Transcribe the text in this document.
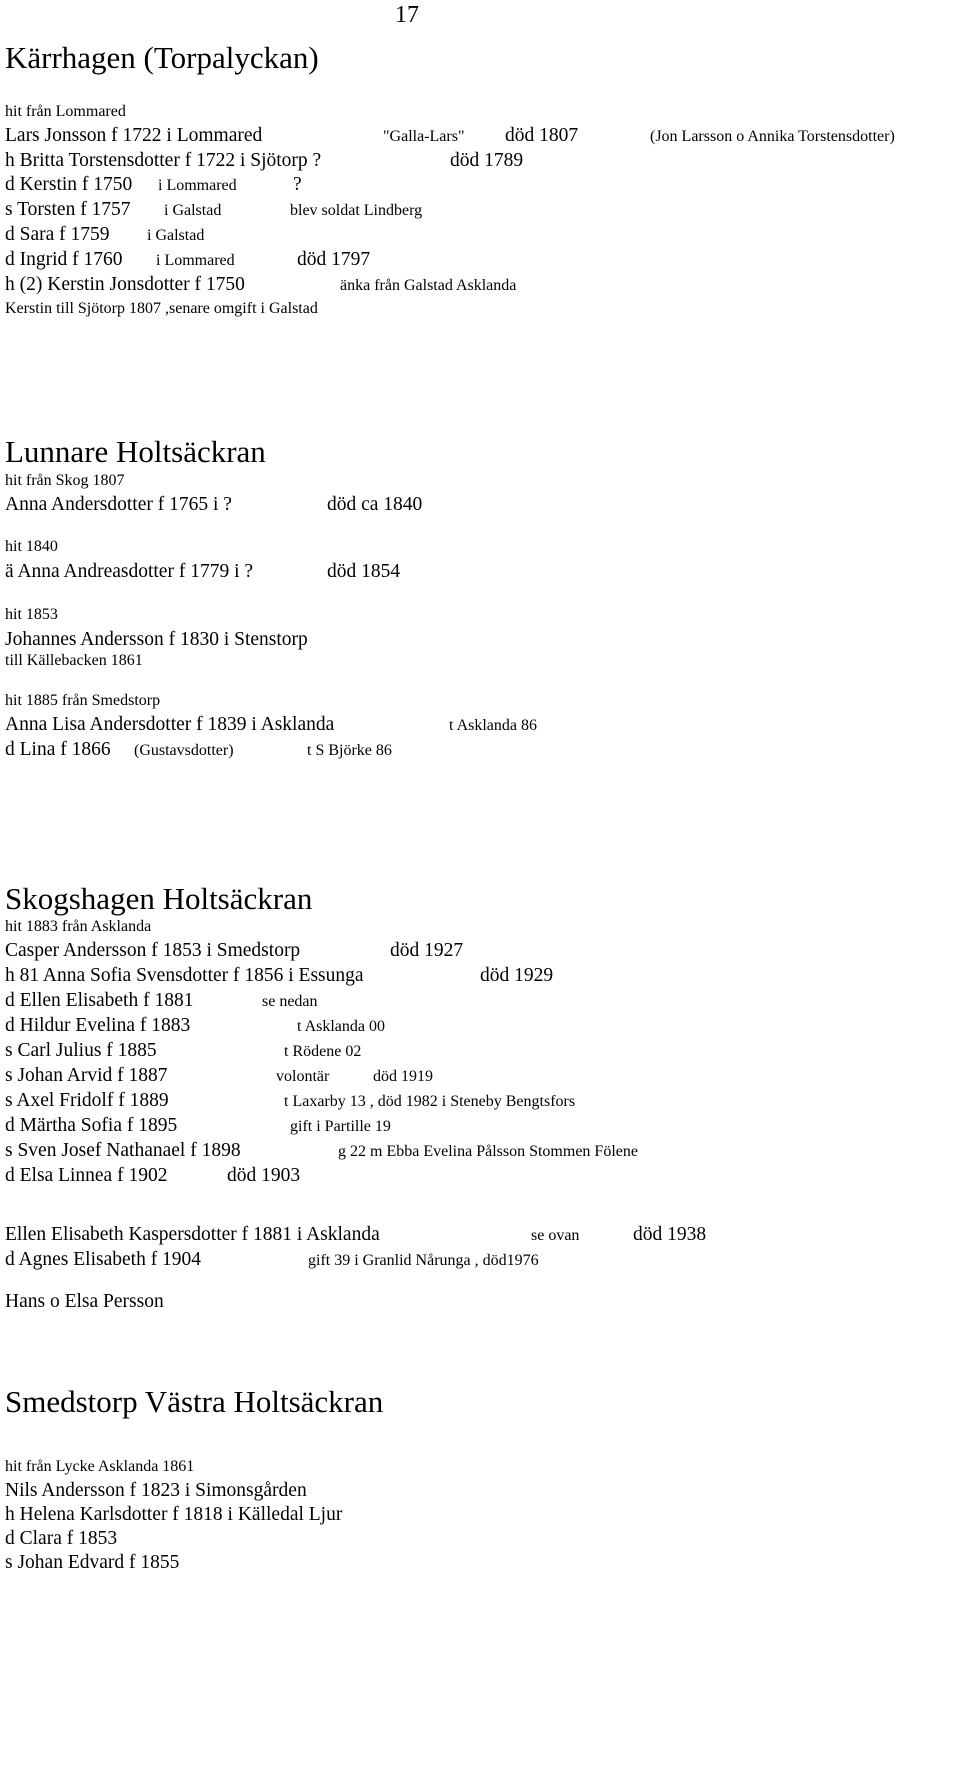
17
Kärrhagen (Torpalyckan)
hit från Lommared
Lars Jonsson f 1722 i Lommared	"Galla-Lars" död 1807	(Jon Larsson o Annika Torstensdotter)
h Britta Torstensdotter f 1722 i Sjötorp ?	död 1789
d Kerstin f 1750 i Lommared	?
s Torsten f 1757 i Galstad	blev soldat Lindberg
d Sara f 1759 i Galstad
d Ingrid f 1760 i Lommared	död 1797
h (2) Kerstin Jonsdotter f 1750	änka från Galstad Asklanda
Kerstin till Sjötorp 1807 ,senare omgift i Galstad
Lunnare Holtsäckran
hit från Skog 1807
Anna Andersdotter f 1765 i ?	död ca 1840
hit 1840
ä Anna Andreasdotter f 1779 i ?	död 1854
hit 1853
Johannes Andersson f 1830 i Stenstorp
till Källebacken 1861
hit 1885 från Smedstorp
Anna Lisa Andersdotter f 1839 i Asklanda	t Asklanda 86
d Lina f 1866 (Gustavsdotter)	t S Björke 86
Skogshagen Holtsäckran
hit 1883 från Asklanda
Casper Andersson f 1853 i Smedstorp	död 1927
h 81 Anna Sofia Svensdotter f 1856 i Essunga	död 1929
d Ellen Elisabeth f 1881	se nedan
d Hildur Evelina f 1883	t Asklanda 00
s Carl Julius f 1885	t Rödene 02
s Johan Arvid f 1887	volontär	död 1919
s Axel Fridolf f 1889	t Laxarby 13 , död 1982 i Steneby Bengtsfors
d Märtha Sofia f 1895	gift i Partille 19
s Sven Josef Nathanael f 1898	g 22 m Ebba Evelina Pålsson Stommen Fölene
d Elsa Linnea f 1902	död 1903
Ellen Elisabeth Kaspersdotter f 1881 i Asklanda	se ovan	död 1938
d Agnes Elisabeth f 1904	gift 39 i Granlid Nårunga , död1976
Hans o Elsa Persson
Smedstorp Västra Holtsäckran
hit från Lycke Asklanda 1861
Nils Andersson f 1823 i Simonsgården
h Helena Karlsdotter f 1818 i Källedal Ljur
d Clara f 1853
s Johan Edvard f 1855
